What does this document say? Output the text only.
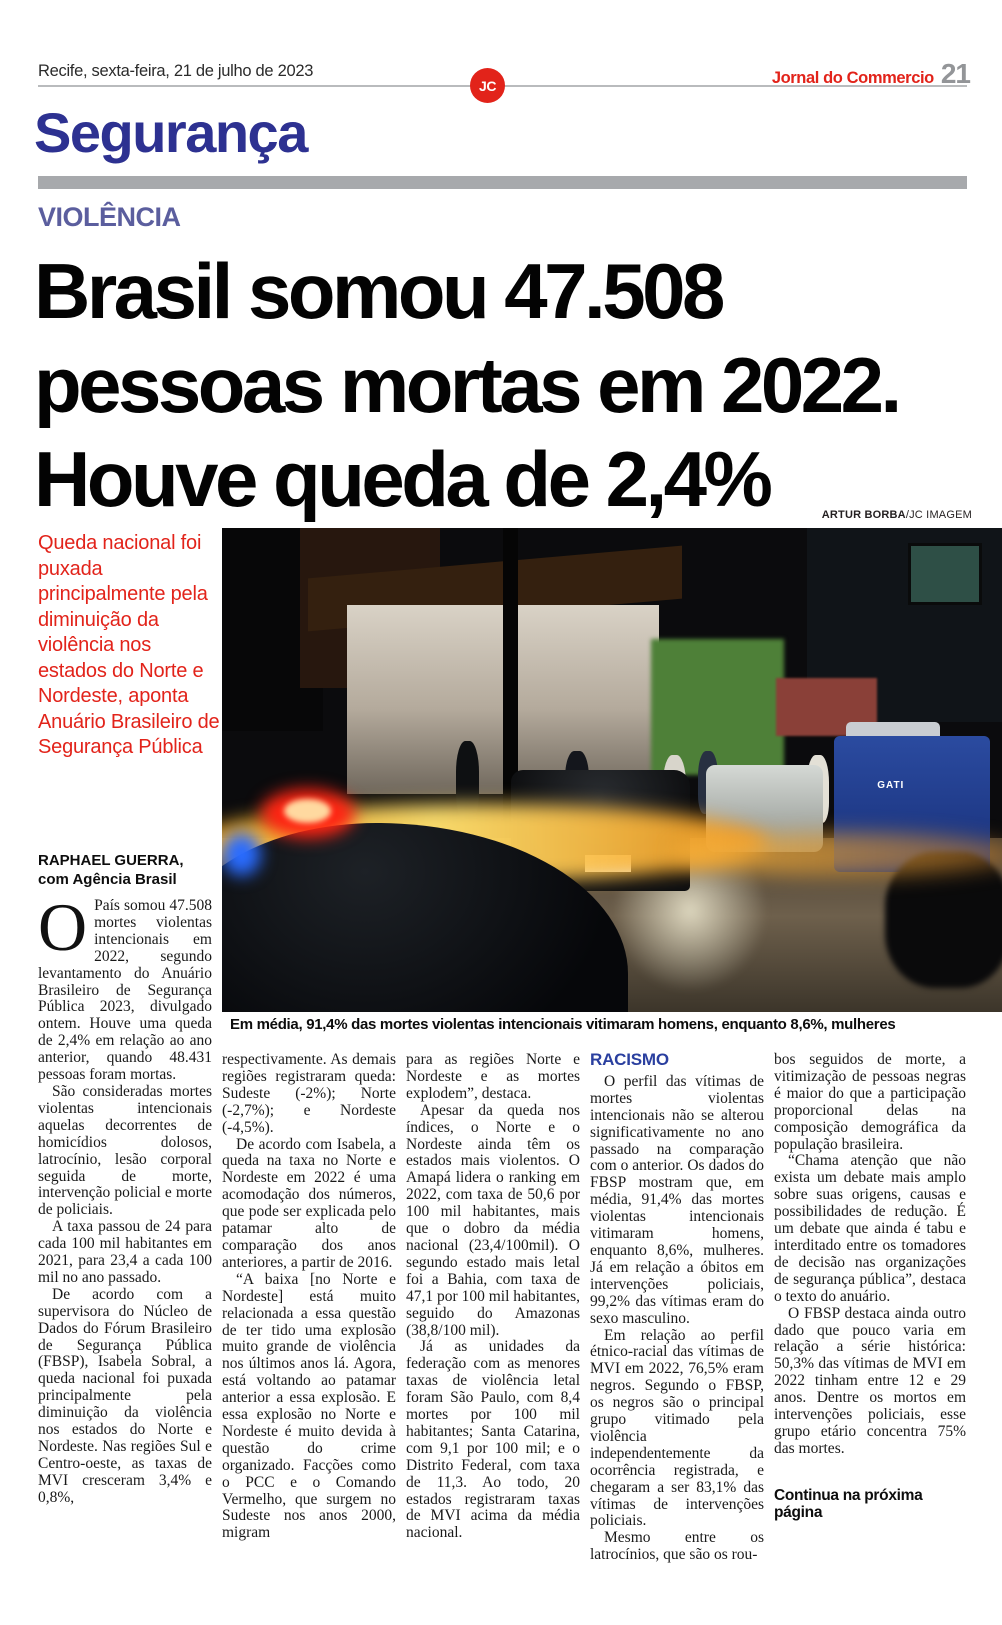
Recife, sexta-feira, 21 de julho de 2023
JC	Jornal do Commercio 21
Segurança
VIOLÊNCIA
Brasil somou 47.508
pessoas mortas em 2022.
Houve queda de 2,4%	ARTUR BORBA/JC IMAGEM
Queda nacional foi puxada principalmente pela diminuição da violência nos estados do Norte e Nordeste, aponta Anuário Brasileiro de Segurança Pública
GATI
Em média, 91,4% das mortes violentas intencionais vitimaram homens, enquanto 8,6%, mulheres
RAPHAEL GUERRA,
com Agência Brasil

O País somou 47.508 mortes violentas intencionais em 2022, segundo levantamento do Anuário Brasileiro de Segurança Pública 2023, divulgado ontem. Houve uma queda de 2,4% em relação ao ano anterior, quando 48.431 pessoas foram mortas.

São consideradas mortes violentas intencionais aquelas decorrentes de homicídios dolosos, latrocínio, lesão corporal seguida de morte, intervenção policial e morte de policiais.

A taxa passou de 24 para cada 100 mil habitantes em 2021, para 23,4 a cada 100 mil no ano passado.

De acordo com a supervisora do Núcleo de Dados do Fórum Brasileiro de Segurança Pública (FBSP), Isabela Sobral, a queda nacional foi puxada principalmente pela diminuição da violência nos estados do Norte e Nordeste. Nas regiões Sul e Centro-oeste, as taxas de MVI cresceram 3,4% e 0,8%,

respectivamente. As demais regiões registraram queda: Sudeste (-2%); Norte (-2,7%); e Nordeste (-4,5%).

De acordo com Isabela, a queda na taxa no Norte e Nordeste em 2022 é uma acomodação dos números, que pode ser explicada pelo patamar alto de comparação dos anos anteriores, a partir de 2016.

“A baixa [no Norte e Nordeste] está muito relacionada a essa questão de ter tido uma explosão muito grande de violência nos últimos anos lá. Agora, está voltando ao patamar anterior a essa explosão. E essa explosão no Norte e Nordeste é muito devida à questão do crime organizado. Facções como o PCC e o Comando Vermelho, que surgem no Sudeste nos anos 2000, migram

para as regiões Norte e Nordeste e as mortes explodem”, destaca.

Apesar da queda nos índices, o Norte e o Nordeste ainda têm os estados mais violentos. O Amapá lidera o ranking em 2022, com taxa de 50,6 por 100 mil habitantes, mais que o dobro da média nacional (23,4/100mil). O segundo estado mais letal foi a Bahia, com taxa de 47,1 por 100 mil habitantes, seguido do Amazonas (38,8/100 mil).

Já as unidades da federação com as menores taxas de violência letal foram São Paulo, com 8,4 mortes por 100 mil habitantes; Santa Catarina, com 9,1 por 100 mil; e o Distrito Federal, com taxa de 11,3. Ao todo, 20 estados registraram taxas de MVI acima da média nacional.

RACISMO

O perfil das vítimas de mortes violentas intencionais não se alterou significativamente no ano passado na comparação com o anterior. Os dados do FBSP mostram que, em média, 91,4% das mortes violentas intencionais vitimaram homens, enquanto 8,6%, mulheres. Já em relação a óbitos em intervenções policiais, 99,2% das vítimas eram do sexo masculino.

Em relação ao perfil étnico-racial das vítimas de MVI em 2022, 76,5% eram negros. Segundo o FBSP, os negros são o principal grupo vitimado pela violência independentemente da ocorrência registrada, e chegaram a ser 83,1% das vítimas de intervenções policiais.

Mesmo entre os latrocínios, que são os rou-

bos seguidos de morte, a vitimização de pessoas negras é maior do que a participação proporcional delas na composição demográfica da população brasileira.

“Chama atenção que não exista um debate mais amplo sobre suas origens, causas e possibilidades de redução. É um debate que ainda é tabu e interditado entre os tomadores de decisão nas organizações de segurança pública”, destaca o texto do anuário.

O FBSP destaca ainda outro dado que pouco varia em relação a série histórica: 50,3% das vítimas de MVI em 2022 tinham entre 12 e 29 anos. Dentre os mortos em intervenções policiais, esse grupo etário concentra 75% das mortes.

Continua na próxima página
